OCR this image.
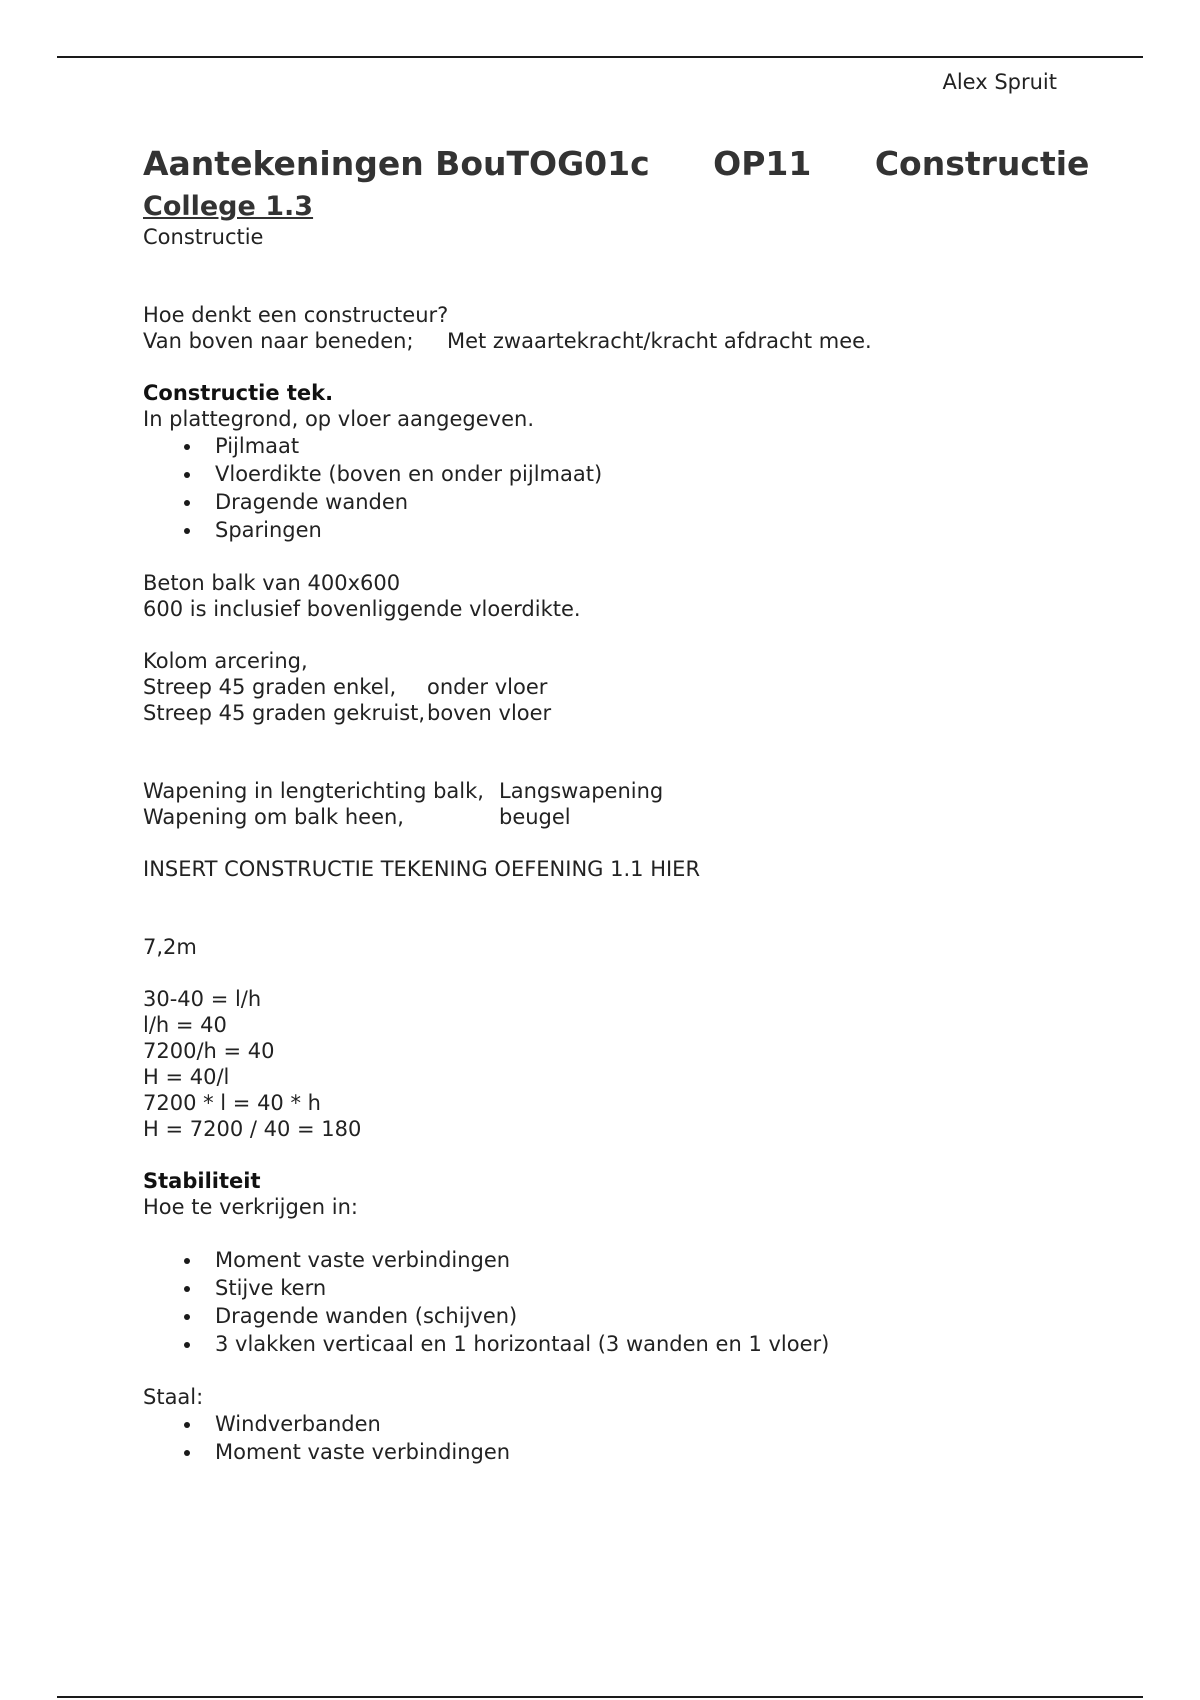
Alex Spruit
Aantekeningen BouTOG01c OP11 Constructie
College 1.3

Constructie

Hoe denkt een constructeur?

Van boven naar beneden; Met zwaartekracht/kracht afdracht mee.

Constructie tek.

In plattegrond, op vloer aangegeven.

Pijlmaat
Vloerdikte (boven en onder pijlmaat)
Dragende wanden
Sparingen

Beton balk van 400x600

600 is inclusief bovenliggende vloerdikte.

Kolom arcering,

Streep 45 graden enkel,	onder vloer
Streep 45 graden gekruist, boven vloer
Wapening in lengterichting balk, Langswapening
Wapening om balk heen,	beugel

INSERT CONSTRUCTIE TEKENING OEFENING 1.1 HIER

7,2m

30-40 = l/h

l/h = 40

7200/h = 40

H = 40/l

7200 * l = 40 * h

H = 7200 / 40 = 180

Stabiliteit

Hoe te verkrijgen in:

Moment vaste verbindingen
Stijve kern
Dragende wanden (schijven)
3 vlakken verticaal en 1 horizontaal (3 wanden en 1 vloer)

Staal:

Windverbanden
Moment vaste verbindingen
